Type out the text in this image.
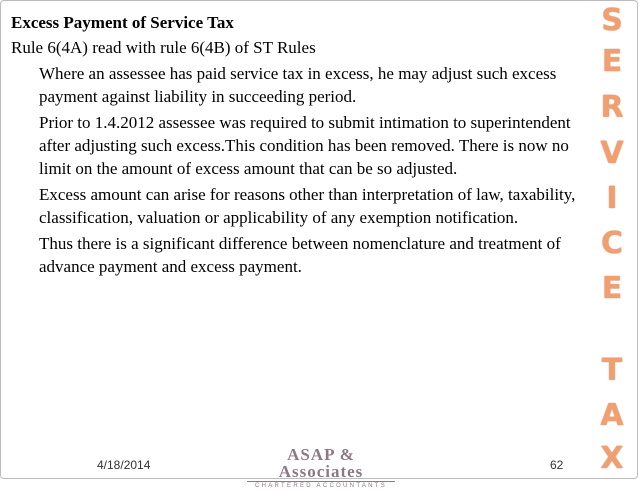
Excess Payment of Service Tax
Rule 6(4A) read with rule 6(4B) of ST Rules
Where an assessee has paid service tax in excess, he may adjust such excess payment against liability in succeeding period.
Prior to 1.4.2012 assessee was required to submit intimation to superintendent after adjusting such excess.This condition has been removed. There is now no limit on the amount of excess amount that can be so adjusted.
Excess amount can arise for reasons other than interpretation of law, taxability, classification, valuation or applicability of any exemption notification.
Thus there is a significant difference between nomenclature and treatment of advance payment and excess payment.
S
E
R
V
I
C
E
T
A
X
4/18/2014	62
ASAP & Associates
CHARTERED ACCOUNTANTS
